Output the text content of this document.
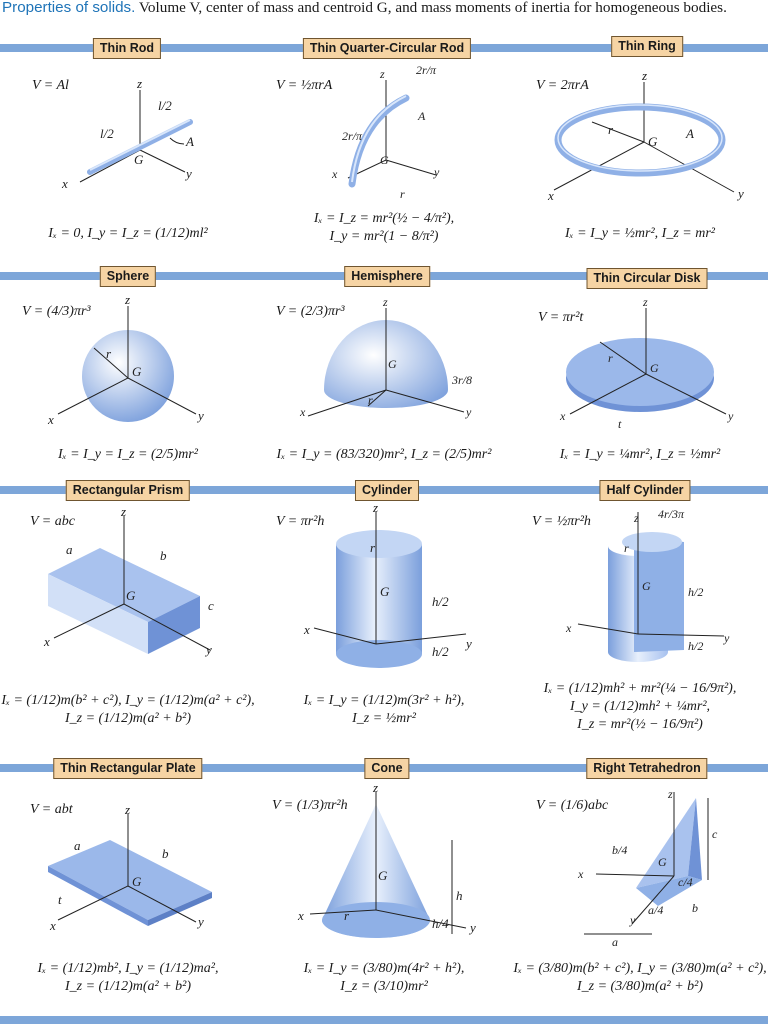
Properties of solids. Volume V, center of mass and centroid G, and mass moments of inertia for homogeneous bodies.
Thin Rod	Thin Quarter-Circular Rod	Thin Ring
Sphere	Hemisphere	Thin Circular Disk
Rectangular Prism	Cylinder	Half Cylinder
Thin Rectangular Plate	Cone	Right Tetrahedron
V = Al	z
x
y
G
A
l/2
l/2
Iₓ = 0, I_y = I_z = (1/12)ml²
V = ½πrA
z
x	y
G
A
2r/π
2r/π
r
Iₓ = I_z = mr²(½ − 4/π²),
I_y = mr²(1 − 8/π²)
V = 2πrA
z
x	y
G
A
r
Iₓ = I_y = ½mr², I_z = mr²
V = (4/3)πr³
z
x	y
G
r
Iₓ = I_y = I_z = (2/5)mr²
V = (2/3)πr³
z
x	y
G
r
3r/8
Iₓ = I_y = (83/320)mr², I_z = (2/5)mr²
V = πr²t
z
x	y
G
r
t
Iₓ = I_y = ¼mr², I_z = ½mr²
V = abc
z
x
y
G
a	b
c
Iₓ = (1/12)m(b² + c²), I_y = (1/12)m(a² + c²),
I_z = (1/12)m(a² + b²)
V = πr²h
z
x
y
G
r
h/2
h/2
Iₓ = I_y = (1/12)m(3r² + h²),
I_z = ½mr²
V = ½πr²h	z
x
y
G
r
4r/3π
h/2
h/2
Iₓ = (1/12)mh² + mr²(¼ − 16/9π²),
I_y = (1/12)mh² + ¼mr²,
I_z = mr²(½ − 16/9π²)
V = abt	z
x	y
G
a
b
t
Iₓ = (1/12)mb², I_y = (1/12)ma²,
I_z = (1/12)m(a² + b²)
V = (1/3)πr²h
z
x
y
G
r
h
h/4
Iₓ = I_y = (3/80)m(4r² + h²),
I_z = (3/10)mr²
V = (1/6)abc
z
x
y
G
b/4
c/4
a/4
a
b
c
Iₓ = (3/80)m(b² + c²), I_y = (3/80)m(a² + c²),
I_z = (3/80)m(a² + b²)
